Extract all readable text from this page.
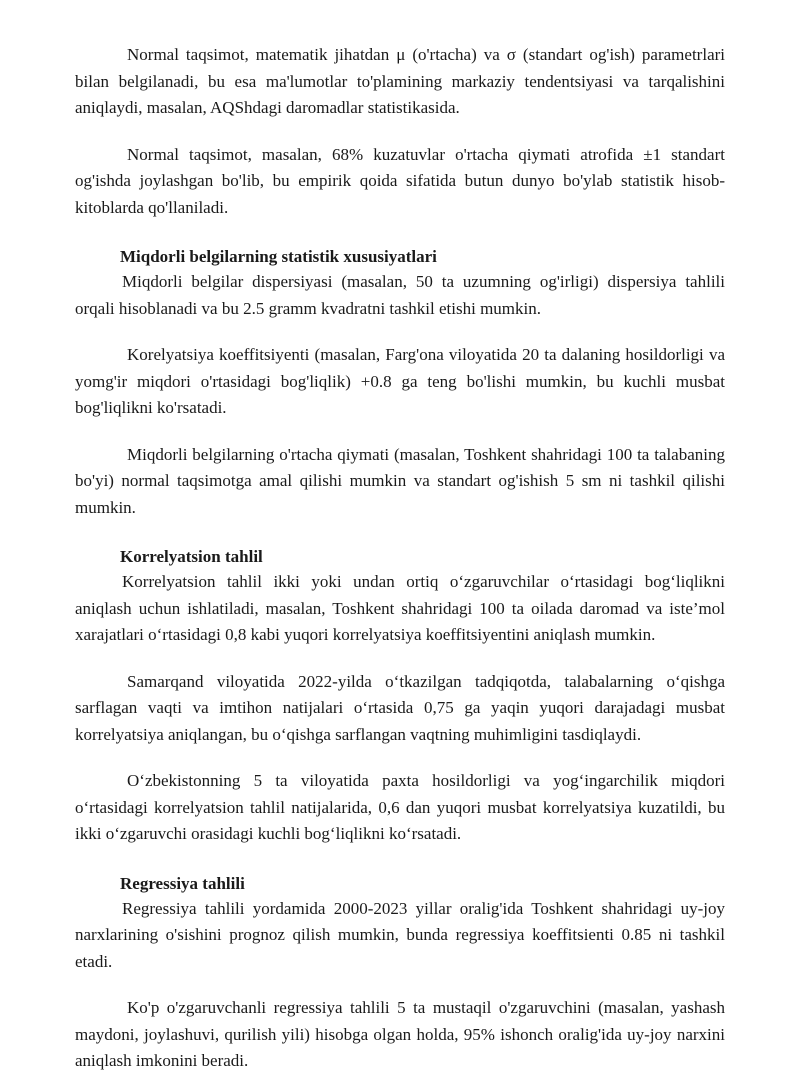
Normal taqsimot, matematik jihatdan μ (o'rtacha) va σ (standart og'ish) parametrlari bilan belgilanadi, bu esa ma'lumotlar to'plamining markaziy tendentsiyasi va tarqalishini aniqlaydi, masalan, AQShdagi daromadlar statistikasida.

Normal taqsimot, masalan, 68% kuzatuvlar o'rtacha qiymati atrofida ±1 standart og'ishda joylashgan bo'lib, bu empirik qoida sifatida butun dunyo bo'ylab statistik hisob-kitoblarda qo'llaniladi.

Miqdorli belgilarning statistik xususiyatlari

Miqdorli belgilar dispersiyasi (masalan, 50 ta uzumning og'irligi) dispersiya tahlili orqali hisoblanadi va bu 2.5 gramm kvadratni tashkil etishi mumkin.

Korelyatsiya koeffitsiyenti (masalan, Farg'ona viloyatida 20 ta dalaning hosildorligi va yomg'ir miqdori o'rtasidagi bog'liqlik) +0.8 ga teng bo'lishi mumkin, bu kuchli musbat bog'liqlikni ko'rsatadi.

Miqdorli belgilarning o'rtacha qiymati (masalan, Toshkent shahridagi 100 ta talabaning bo'yi) normal taqsimotga amal qilishi mumkin va standart og'ishish 5 sm ni tashkil qilishi mumkin.

Korrelyatsion tahlil

Korrelyatsion tahlil ikki yoki undan ortiq o‘zgaruvchilar o‘rtasidagi bog‘liqlikni aniqlash uchun ishlatiladi, masalan, Toshkent shahridagi 100 ta oilada daromad va iste’mol xarajatlari o‘rtasidagi 0,8 kabi yuqori korrelyatsiya koeffitsiyentini aniqlash mumkin.

Samarqand viloyatida 2022-yilda o‘tkazilgan tadqiqotda, talabalarning o‘qishga sarflagan vaqti va imtihon natijalari o‘rtasida 0,75 ga yaqin yuqori darajadagi musbat korrelyatsiya aniqlangan, bu o‘qishga sarflangan vaqtning muhimligini tasdiqlaydi.

O‘zbekistonning 5 ta viloyatida paxta hosildorligi va yog‘ingarchilik miqdori o‘rtasidagi korrelyatsion tahlil natijalarida, 0,6 dan yuqori musbat korrelyatsiya kuzatildi, bu ikki o‘zgaruvchi orasidagi kuchli bog‘liqlikni ko‘rsatadi.

Regressiya tahlili

Regressiya tahlili yordamida 2000-2023 yillar oralig'ida Toshkent shahridagi uy-joy narxlarining o'sishini prognoz qilish mumkin, bunda regressiya koeffitsienti 0.85 ni tashkil etadi.

Ko'p o'zgaruvchanli regressiya tahlili 5 ta mustaqil o'zgaruvchini (masalan, yashash maydoni, joylashuvi, qurilish yili) hisobga olgan holda, 95% ishonch oralig'ida uy-joy narxini aniqlash imkonini beradi.
